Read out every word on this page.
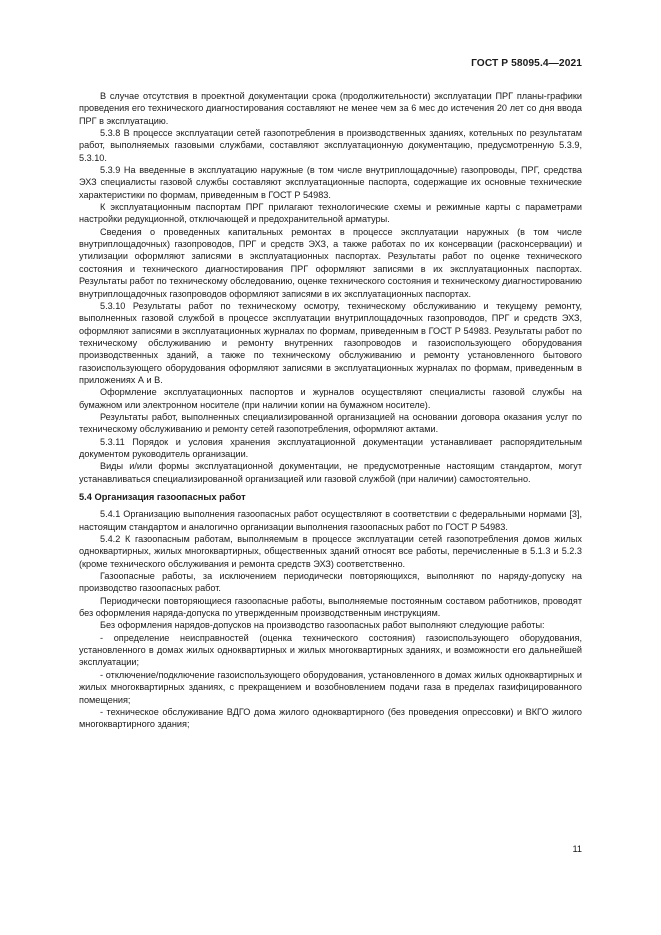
ГОСТ Р 58095.4—2021

В случае отсутствия в проектной документации срока (продолжительности) эксплуатации ПРГ планы-графики проведения его технического диагностирования составляют не менее чем за 6 мес до истечения 20 лет со дня ввода ПРГ в эксплуатацию.

5.3.8 В процессе эксплуатации сетей газопотребления в производственных зданиях, котельных по результатам работ, выполняемых газовыми службами, составляют эксплуатационную документацию, предусмотренную 5.3.9, 5.3.10.

5.3.9 На введенные в эксплуатацию наружные (в том числе внутриплощадочные) газопроводы, ПРГ, средства ЭХЗ специалисты газовой службы составляют эксплуатационные паспорта, содержащие их основные технические характеристики по формам, приведенным в ГОСТ Р 54983.

К эксплуатационным паспортам ПРГ прилагают технологические схемы и режимные карты с параметрами настройки редукционной, отключающей и предохранительной арматуры.

Сведения о проведенных капитальных ремонтах в процессе эксплуатации наружных (в том числе внутриплощадочных) газопроводов, ПРГ и средств ЭХЗ, а также работах по их консервации (расконсервации) и утилизации оформляют записями в эксплуатационных паспортах. Результаты работ по оценке технического состояния и технического диагностирования ПРГ оформляют записями в их эксплуатационных паспортах. Результаты работ по техническому обследованию, оценке технического состояния и техническому диагностированию внутриплощадочных газопроводов оформляют записями в их эксплуатационных паспортах.

5.3.10 Результаты работ по техническому осмотру, техническому обслуживанию и текущему ремонту, выполненных газовой службой в процессе эксплуатации внутриплощадочных газопроводов, ПРГ и средств ЭХЗ, оформляют записями в эксплуатационных журналах по формам, приведенным в ГОСТ Р 54983. Результаты работ по техническому обслуживанию и ремонту внутренних газопроводов и газоиспользующего оборудования производственных зданий, а также по техническому обслуживанию и ремонту установленного бытового газоиспользующего оборудования оформляют записями в эксплуатационных журналах по формам, приведенным в приложениях А и В.

Оформление эксплуатационных паспортов и журналов осуществляют специалисты газовой службы на бумажном или электронном носителе (при наличии копии на бумажном носителе).

Результаты работ, выполненных специализированной организацией на основании договора оказания услуг по техническому обслуживанию и ремонту сетей газопотребления, оформляют актами.

5.3.11 Порядок и условия хранения эксплуатационной документации устанавливает распорядительным документом руководитель организации.

Виды и/или формы эксплуатационной документации, не предусмотренные настоящим стандартом, могут устанавливаться специализированной организацией или газовой службой (при наличии) самостоятельно.

5.4 Организация газоопасных работ

5.4.1 Организацию выполнения газоопасных работ осуществляют в соответствии с федеральными нормами [3], настоящим стандартом и аналогично организации выполнения газоопасных работ по ГОСТ Р 54983.

5.4.2 К газоопасным работам, выполняемым в процессе эксплуатации сетей газопотребления домов жилых одноквартирных, жилых многоквартирных, общественных зданий относят все работы, перечисленные в 5.1.3 и 5.2.3 (кроме технического обслуживания и ремонта средств ЭХЗ) соответственно.

Газоопасные работы, за исключением периодически повторяющихся, выполняют по наряду-допуску на производство газоопасных работ.

Периодически повторяющиеся газоопасные работы, выполняемые постоянным составом работников, проводят без оформления наряда-допуска по утвержденным производственным инструкциям.

Без оформления нарядов-допусков на производство газоопасных работ выполняют следующие работы:

- определение неисправностей (оценка технического состояния) газоиспользующего оборудования, установленного в домах жилых одноквартирных и жилых многоквартирных зданиях, и возможности его дальнейшей эксплуатации;

- отключение/подключение газоиспользующего оборудования, установленного в домах жилых одноквартирных и жилых многоквартирных зданиях, с прекращением и возобновлением подачи газа в пределах газифицированного помещения;

- техническое обслуживание ВДГО дома жилого одноквартирного (без проведения опрессовки) и ВКГО жилого многоквартирного здания;

11
